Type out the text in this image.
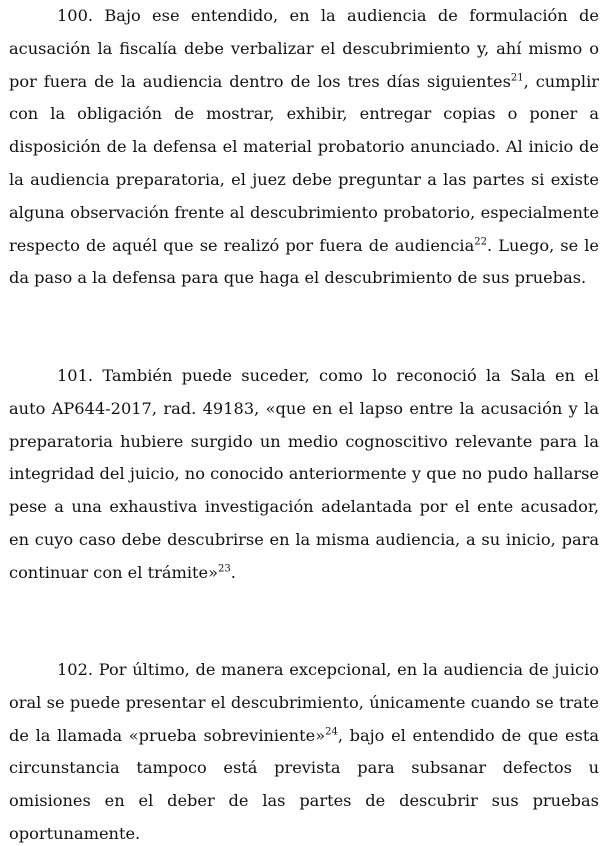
100. Bajo ese entendido, en la audiencia de formulación de acusación la fiscalía debe verbalizar el descubrimiento y, ahí mismo o por fuera de la audiencia dentro de los tres días siguientes$^{21}$, cumplir con la obligación de mostrar, exhibir, entregar copias o poner a disposición de la defensa el material probatorio anunciado. Al inicio de la audiencia preparatoria, el juez debe preguntar a las partes si existe alguna observación frente al descubrimiento probatorio, especialmente respecto de aquél que se realizó por fuera de audiencia$^{22}$. Luego, se le da paso a la defensa para que haga el descubrimiento de sus pruebas.

101. También puede suceder, como lo reconoció la Sala en el auto AP644-2017, rad. 49183, «que en el lapso entre la acusación y la preparatoria hubiere surgido un medio cognoscitivo relevante para la integridad del juicio, no conocido anteriormente y que no pudo hallarse pese a una exhaustiva investigación adelantada por el ente acusador, en cuyo caso debe descubrirse en la misma audiencia, a su inicio, para continuar con el trámite»$^{23}$.

102. Por último, de manera excepcional, en la audiencia de juicio oral se puede presentar el descubrimiento, únicamente cuando se trate de la llamada «prueba sobreviniente»$^{24}$, bajo el entendido de que esta circunstancia tampoco está prevista para subsanar defectos u omisiones en el deber de las partes de descubrir sus pruebas oportunamente.
